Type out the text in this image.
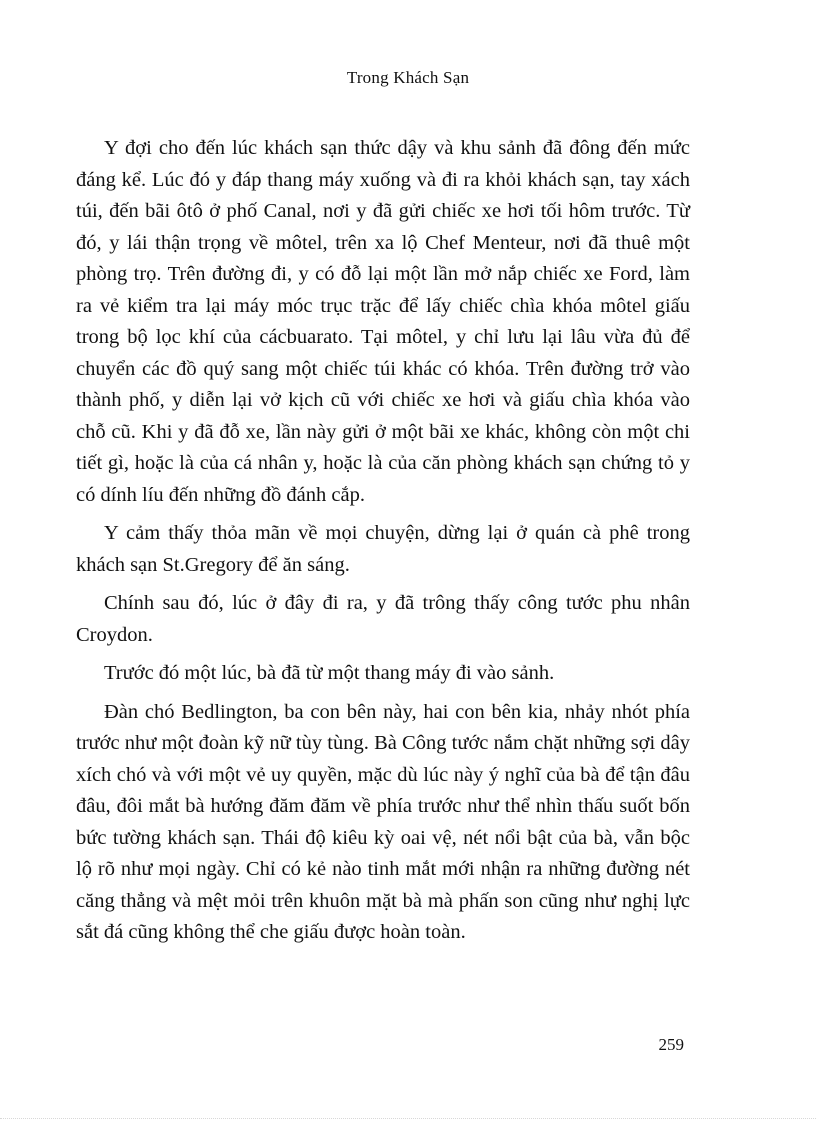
Trong Khách Sạn

Y đợi cho đến lúc khách sạn thức dậy và khu sảnh đã đông đến mức đáng kể. Lúc đó y đáp thang máy xuống và đi ra khỏi khách sạn, tay xách túi, đến bãi ôtô ở phố Canal, nơi y đã gửi chiếc xe hơi tối hôm trước. Từ đó, y lái thận trọng về môtel, trên xa lộ Chef Menteur, nơi đã thuê một phòng trọ. Trên đường đi, y có đỗ lại một lần mở nắp chiếc xe Ford, làm ra vẻ kiểm tra lại máy móc trục trặc để lấy chiếc chìa khóa môtel giấu trong bộ lọc khí của cácbuarato. Tại môtel, y chỉ lưu lại lâu vừa đủ để chuyển các đồ quý sang một chiếc túi khác có khóa. Trên đường trở vào thành phố, y diễn lại vở kịch cũ với chiếc xe hơi và giấu chìa khóa vào chỗ cũ. Khi y đã đỗ xe, lần này gửi ở một bãi xe khác, không còn một chi tiết gì, hoặc là của cá nhân y, hoặc là của căn phòng khách sạn chứng tỏ y có dính líu đến những đồ đánh cắp.

Y cảm thấy thỏa mãn về mọi chuyện, dừng lại ở quán cà phê trong khách sạn St.Gregory để ăn sáng.

Chính sau đó, lúc ở đây đi ra, y đã trông thấy công tước phu nhân Croydon.

Trước đó một lúc, bà đã từ một thang máy đi vào sảnh.

Đàn chó Bedlington, ba con bên này, hai con bên kia, nhảy nhót phía trước như một đoàn kỹ nữ tùy tùng. Bà Công tước nắm chặt những sợi dây xích chó và với một vẻ uy quyền, mặc dù lúc này ý nghĩ của bà để tận đâu đâu, đôi mắt bà hướng đăm đăm về phía trước như thể nhìn thấu suốt bốn bức tường khách sạn. Thái độ kiêu kỳ oai vệ, nét nổi bật của bà, vẫn bộc lộ rõ như mọi ngày. Chỉ có kẻ nào tinh mắt mới nhận ra những đường nét căng thẳng và mệt mỏi trên khuôn mặt bà mà phấn son cũng như nghị lực sắt đá cũng không thể che giấu được hoàn toàn.

259
